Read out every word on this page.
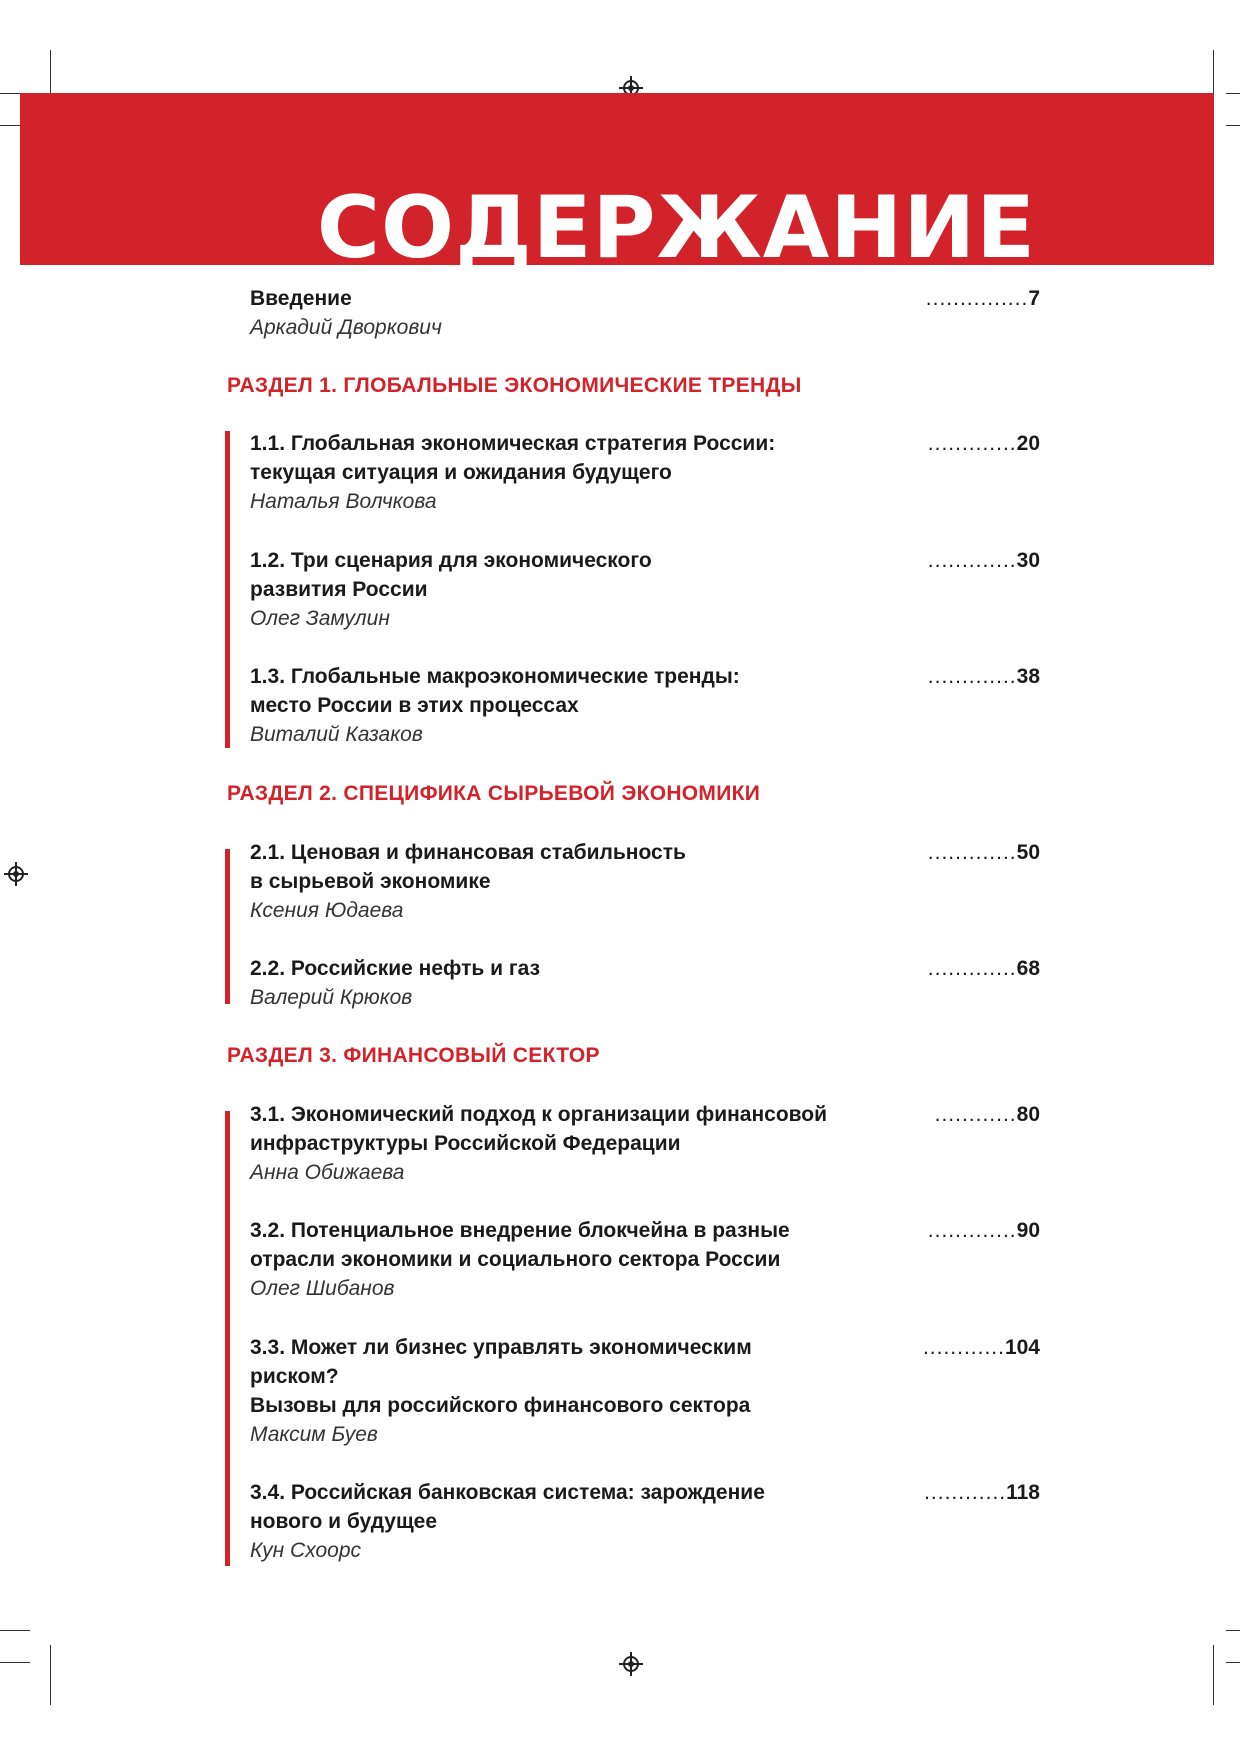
СОДЕРЖАНИЕ
Введение
Аркадий Дворкович
...............7
РАЗДЕЛ 1. ГЛОБАЛЬНЫЕ ЭКОНОМИЧЕСКИЕ ТРЕНДЫ
1.1. Глобальная экономическая стратегия России:
текущая ситуация и ожидания будущего
Наталья Волчкова
.............20
1.2. Три сценария для экономического
развития России
Олег Замулин
.............30
1.3. Глобальные макроэкономические тренды:
место России в этих процессах
Виталий Казаков
.............38
РАЗДЕЛ 2. СПЕЦИФИКА СЫРЬЕВОЙ ЭКОНОМИКИ
2.1. Ценовая и финансовая стабильность
в сырьевой экономике
Ксения Юдаева
.............50
2.2. Российские нефть и газ
Валерий Крюков
.............68
РАЗДЕЛ 3. ФИНАНСОВЫЙ СЕКТОР
3.1. Экономический подход к организации финансовой
инфраструктуры Российской Федерации
Анна Обижаева
............80
3.2. Потенциальное внедрение блокчейна в разные
отрасли экономики и социального сектора России
Олег Шибанов
.............90
3.3. Может ли бизнес управлять экономическим
риском?
Вызовы для российского финансового сектора
Максим Буев
............104
3.4. Российская банковская система: зарождение
нового и будущее
Кун Схоорс
............118
